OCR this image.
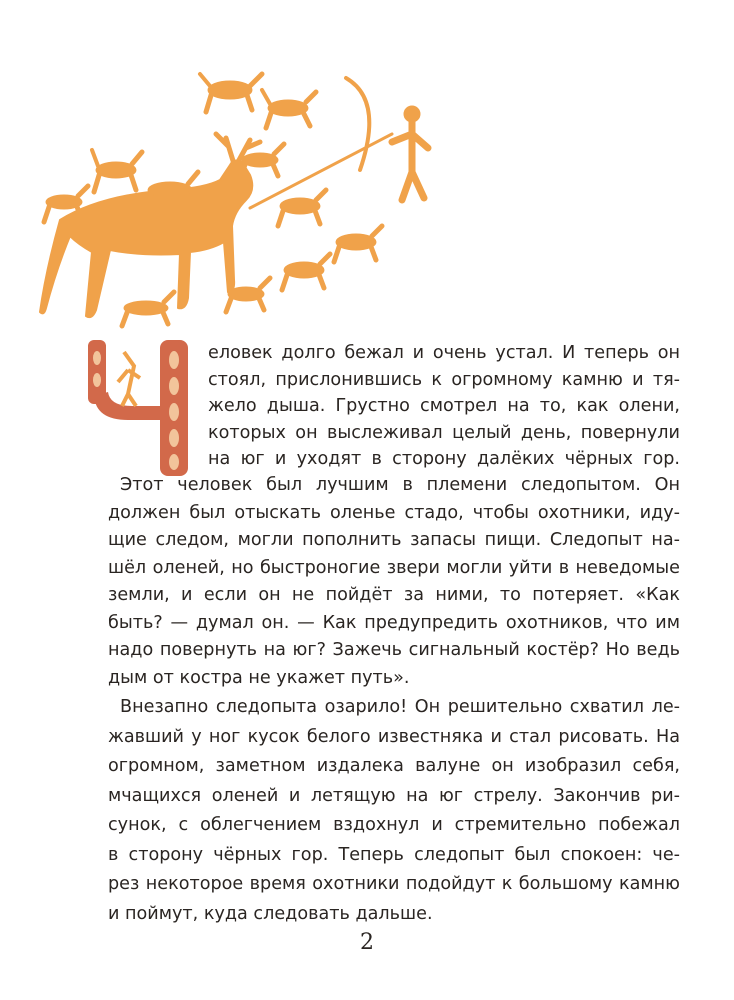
еловек долго бежал и очень устал. И теперь он
стоял, прислонившись к огромному камню и тя-
жело дыша. Грустно смотрел на то, как олени,
которых он выслеживал целый день, повернули
на юг и уходят в сторону далёких чёрных гор.
Этот человек был лучшим в племени следопытом. Он
должен был отыскать оленье стадо, чтобы охотники, иду-
щие следом, могли пополнить запасы пищи. Следопыт на-
шёл оленей, но быстроногие звери могли уйти в неведомые
земли, и если он не пойдёт за ними, то потеряет. «Как
быть? — думал он. — Как предупредить охотников, что им
надо повернуть на юг? Зажечь сигнальный костёр? Но ведь
дым от костра не укажет путь».
Внезапно следопыта озарило! Он решительно схватил ле-
жавший у ног кусок белого известняка и стал рисовать. На
огромном, заметном издалека валуне он изобразил себя,
мчащихся оленей и летящую на юг стрелу. Закончив ри-
сунок, с облегчением вздохнул и стремительно побежал
в сторону чёрных гор. Теперь следопыт был спокоен: че-
рез некоторое время охотники подойдут к большому камню
и поймут, куда следовать дальше.
2
